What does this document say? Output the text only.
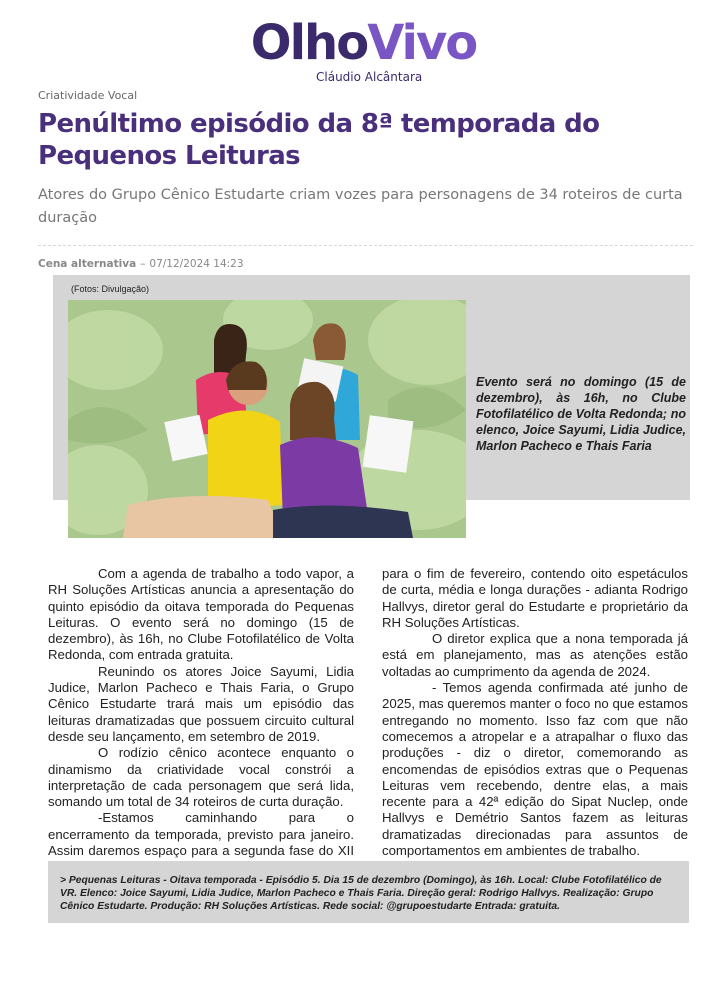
OlhoVivo
Cláudio Alcântara
Criatividade Vocal
Penúltimo episódio da 8ª temporada do Pequenos Leituras
Atores do Grupo Cênico Estudarte criam vozes para personagens de 34 roteiros de curta duração
Cena alternativa – 07/12/2024 14:23
(Fotos: Divulgação)
Evento será no domingo (15 de dezembro), às 16h, no Clube Fotofilatélico de Volta Redonda; no elenco, Joice Sayumi, Lidia Judice, Marlon Pacheco e Thais Faria

Com a agenda de trabalho a todo vapor, a RH Soluções Artísticas anuncia a apresentação do quinto episódio da oitava temporada do Pequenas Leituras. O evento será no domingo (15 de dezembro), às 16h, no Clube Fotofilatélico de Volta Redonda, com entrada gratuita.

Reunindo os atores Joice Sayumi, Lidia Judice, Marlon Pacheco e Thais Faria, o Grupo Cênico Estudarte trará mais um episódio das leituras dramatizadas que possuem circuito cultural desde seu lançamento, em setembro de 2019.

O rodízio cênico acontece enquanto o dinamismo da criatividade vocal constrói a interpretação de cada personagem que será lida, somando um total de 34 roteiros de curta duração.

-Estamos caminhando para o encerramento da temporada, previsto para janeiro. Assim daremos espaço para a segunda fase do XII

para o fim de fevereiro, contendo oito espetáculos de curta, média e longa durações - adianta Rodrigo Hallvys, diretor geral do Estudarte e proprietário da RH Soluções Artísticas.

O diretor explica que a nona temporada já está em planejamento, mas as atenções estão voltadas ao cumprimento da agenda de 2024.

- Temos agenda confirmada até junho de 2025, mas queremos manter o foco no que estamos entregando no momento. Isso faz com que não comecemos a atropelar e a atrapalhar o fluxo das produções - diz o diretor, comemorando as encomendas de episódios extras que o Pequenas Leituras vem recebendo, dentre elas, a mais recente para a 42ª edição do Sipat Nuclep, onde Hallvys e Demétrio Santos fazem as leituras dramatizadas direcionadas para assuntos de comportamentos em ambientes de trabalho.

> Pequenas Leituras - Oitava temporada - Episódio 5. Dia 15 de dezembro (Domingo), às 16h. Local: Clube Fotofilatélico de VR. Elenco: Joice Sayumi, Lidia Judice, Marlon Pacheco e Thais Faria. Direção geral: Rodrigo Hallvys. Realização: Grupo Cênico Estudarte. Produção: RH Soluções Artísticas. Rede social: @grupoestudarte Entrada: gratuita.
